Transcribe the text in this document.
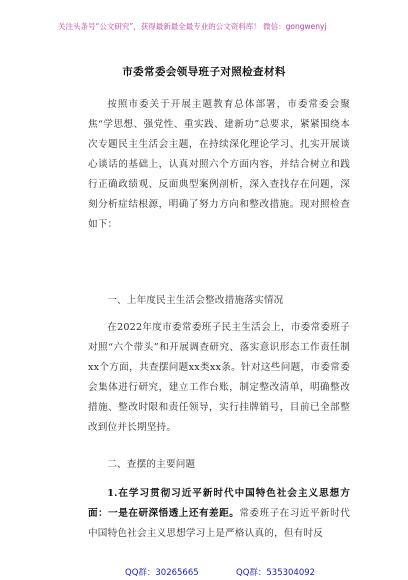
关注头条号“公文研究”，获得最新最全最专业的公文资料库！ 微信：gongwenyj
市委常委会领导班子对照检查材料
按照市委关于开展主题教育总体部署，市委常委会聚焦“学思想、强党性、重实践、建新功”总要求，紧紧围绕本次专题民主生活会主题，在持续深化理论学习、扎实开展谈心谈话的基础上，认真对照六个方面内容，并结合树立和践行正确政绩观、反面典型案例剖析，深入查找存在问题，深刻分析症结根源，明确了努力方向和整改措施。现对照检查如下：
一、上年度民主生活会整改措施落实情况
在2022年度市委常委班子民主生活会上，市委常委班子对照“六个带头”和开展调查研究、落实意识形态工作责任制xx个方面，共查摆问题xx类xx条。针对这些问题，市委常委会集体进行研究，建立工作台账，制定整改清单，明确整改措施、整改时限和责任领导，实行挂牌销号，目前已全部整改到位并长期坚持。
二、查摆的主要问题
1.在学习贯彻习近平新时代中国特色社会主义思想方面：一是在研深悟透上还有差距。常委班子在习近平新时代中国特色社会主义思想学习上是严格认真的，但有时反
QQ群：30265665	QQ群：535304092
